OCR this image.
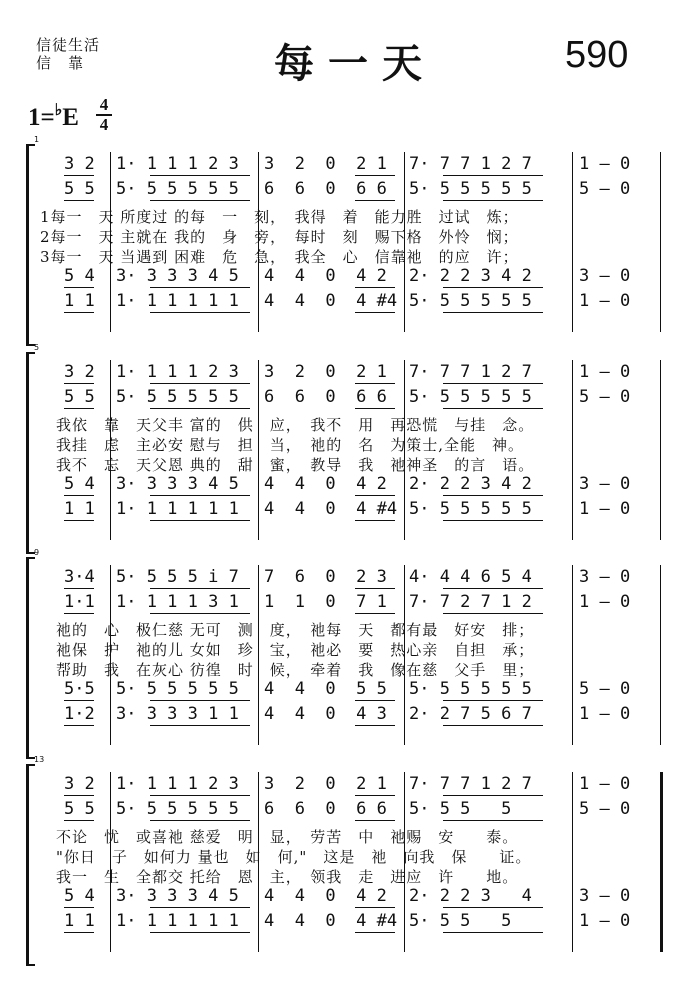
信徒生活
信　靠	每一天	590
1=♭E 4
4
1
3 2 1· 1 1 1 2 3 3  2  0  2 1 7· 7 7 1 2 7	1 – 0
5 5 5· 5 5 5 5 5 6  6  0  6 6 5· 5 5 5 5 5	5 – 0
5 4 3· 3 3 3 4 5 4  4  0  4 2 2· 2 2 3 4 2	3 – 0
1 1 1· 1 1 1 1 1 4  4  0  4 #4 5· 5 5 5 5 5	1 – 0
1每一　天 所度过 的每　一　刻，　我得　着　能力胜　过试　炼；
2每一　天 主就在 我的　身　旁，　每时　刻　赐下格　外怜　悯；
3每一　天 当遇到 困难　危　急，　我全　心　信靠祂　的应　许；
5
3 2 1· 1 1 1 2 3 3  2  0  2 1 7· 7 7 1 2 7	1 – 0
5 5 5· 5 5 5 5 5 6  6  0  6 6 5· 5 5 5 5 5	5 – 0
5 4 3· 3 3 3 4 5 4  4  0  4 2 2· 2 2 3 4 2	3 – 0
1 1 1· 1 1 1 1 1 4  4  0  4 #4 5· 5 5 5 5 5	1 – 0
　我依　靠　天父丰 富的　供　应，　我不　用　再恐慌　与挂　念。
　我挂　虑　主必安 慰与　担　当，　祂的　名　为策士,全能　神。
　我不　忘　天父恩 典的　甜　蜜，　教导　我　祂神圣　的言　语。
9
3·4 5· 5 5 5 i 7 7  6  0  2 3 4· 4 4 6 5 4	3 – 0
1·1 1· 1 1 1 3 1 1  1  0  7 1 7· 7 2 7 1 2	1 – 0
5·5 5· 5 5 5 5 5 4  4  0  5 5 5· 5 5 5 5 5	5 – 0
1·2 3· 3 3 3 1 1 4  4  0  4 3 2· 2 7 5 6 7	1 – 0
　祂的　心　极仁慈 无可　测　度，　祂每　天　都有最　好安　排；
　祂保　护　祂的儿 女如　珍　宝，　祂必　要　热心亲　自担　承；
　帮助　我　在灰心 彷徨　时　候，　牵着　我　像在慈　父手　里；
13
3 2 1· 1 1 1 2 3 3  2  0  2 1 7· 7 7 1 2 7	1 – 0
5 5 5· 5 5 5 5 5 6  6  0  6 6 5· 5 5   5	5 – 0
5 4 3· 3 3 3 4 5 4  4  0  4 2 2· 2 2 3   4	3 – 0
1 1 1· 1 1 1 1 1 4  4  0  4 #4 5· 5 5   5	1 – 0
　不论　忧　或喜祂 慈爱　明　显，　劳苦　中　祂赐　安　　泰。
　"你日　子　如何力 量也　如　何,"　这是　祂　向我　保　　证。
　我一　生　全都交 托给　恩　主，　领我　走　进应　许　　地。
